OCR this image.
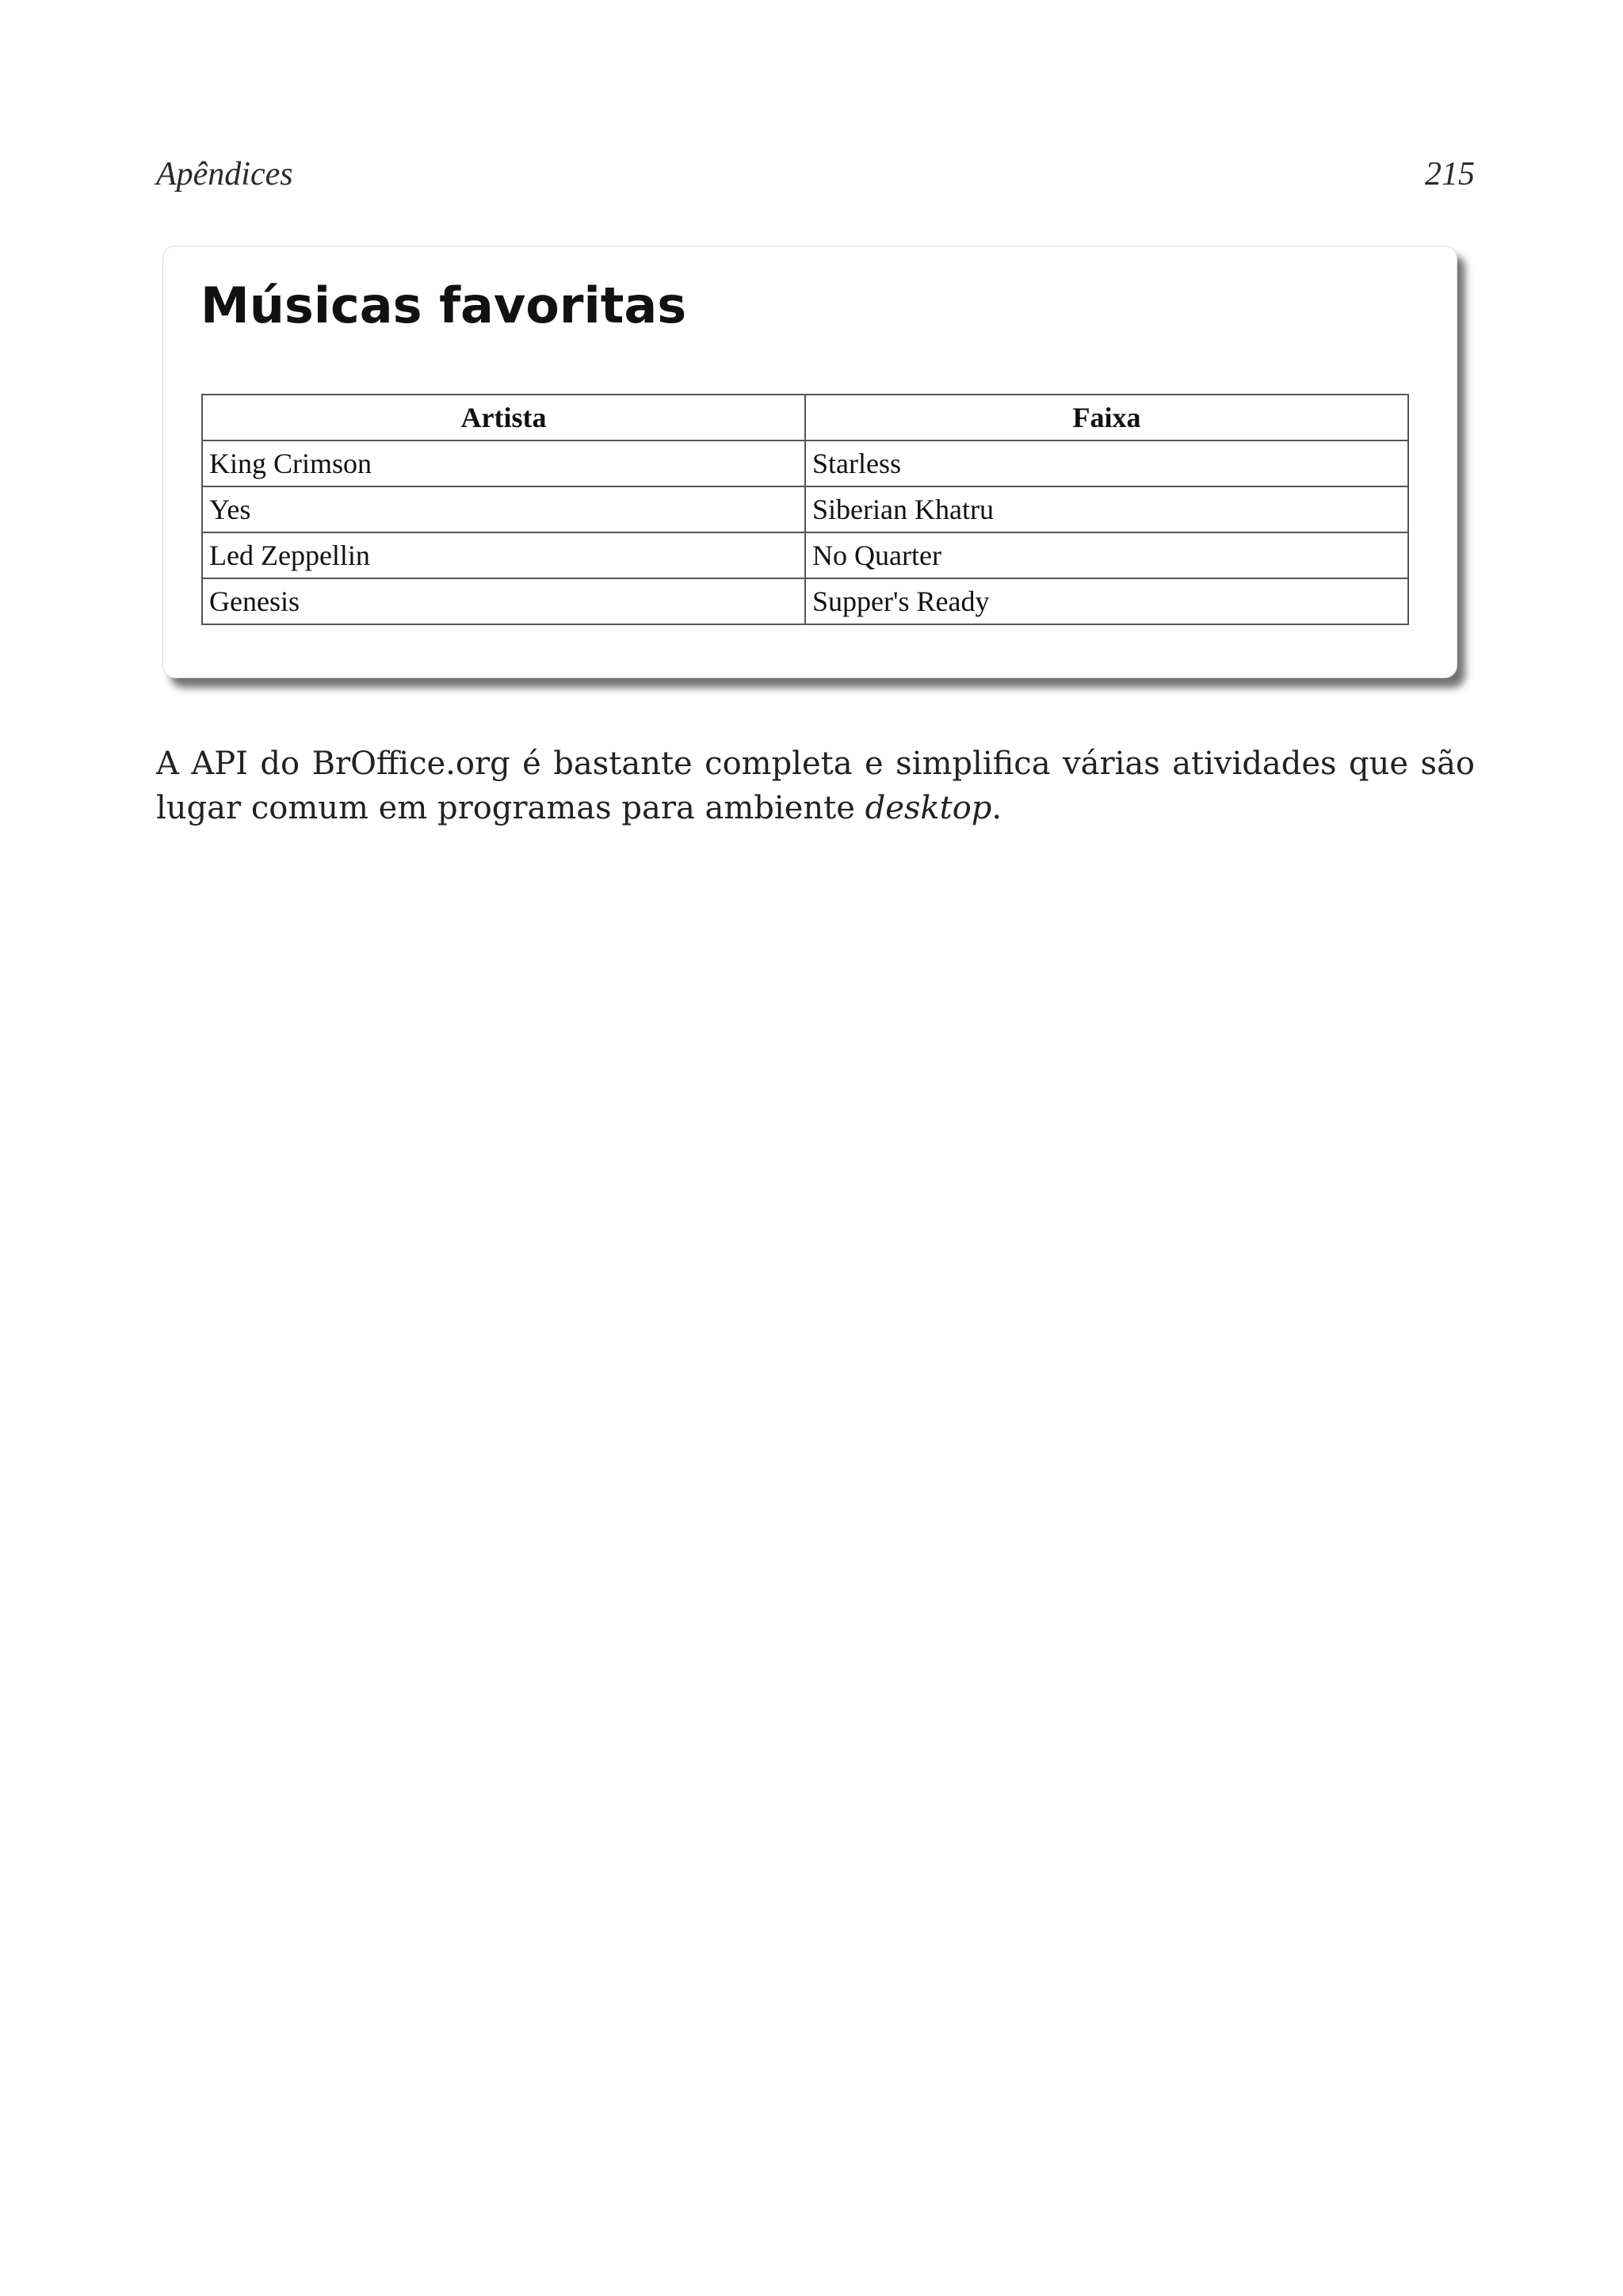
Apêndices	215
Músicas favoritas
Artista	Faixa
King Crimson	Starless
Yes	Siberian Khatru
Led Zeppellin	No Quarter
Genesis	Supper's Ready

A API do BrOffice.org é bastante completa e simplifica várias atividades que são lugar comum em programas para ambiente desktop.
